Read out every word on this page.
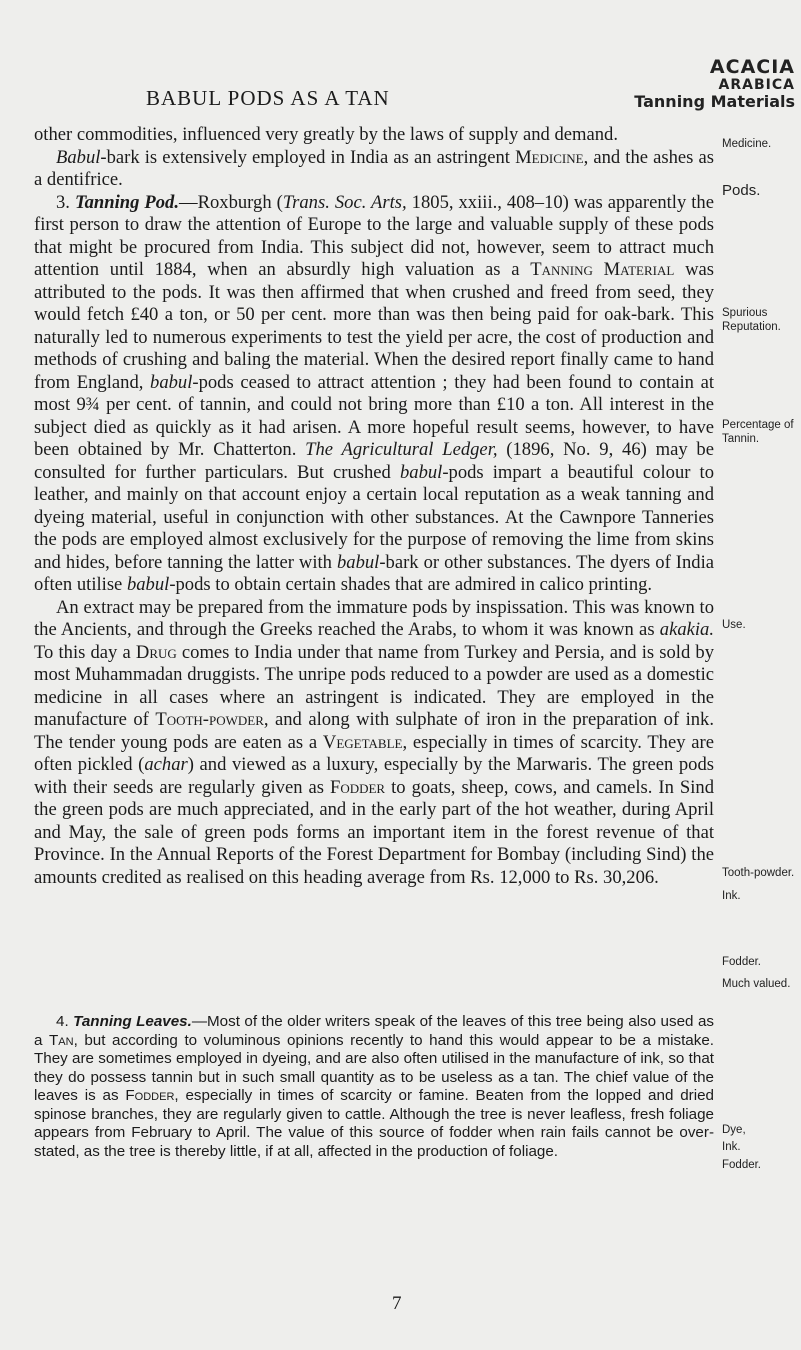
BABUL PODS AS A TAN
ACACIA
ARABICA
Tanning Materials

other commodities, influenced very greatly by the laws of supply and demand.

Babul-bark is extensively employed in India as an astringent Medicine, and the ashes as a dentifrice.

3. Tanning Pod.—Roxburgh (Trans. Soc. Arts, 1805, xxiii., 408–10) was apparently the first person to draw the attention of Europe to the large and valuable supply of these pods that might be procured from India. This subject did not, however, seem to attract much attention until 1884, when an absurdly high valuation as a Tanning Material was attributed to the pods. It was then affirmed that when crushed and freed from seed, they would fetch £40 a ton, or 50 per cent. more than was then being paid for oak-bark. This naturally led to numerous experiments to test the yield per acre, the cost of production and methods of crushing and baling the material. When the desired report finally came to hand from England, babul-pods ceased to attract attention ; they had been found to contain at most 9¾ per cent. of tannin, and could not bring more than £10 a ton. All interest in the subject died as quickly as it had arisen. A more hopeful result seems, however, to have been obtained by Mr. Chatterton. The Agricultural Ledger, (1896, No. 9, 46) may be consulted for further particulars. But crushed babul-pods impart a beautiful colour to leather, and mainly on that account enjoy a certain local reputation as a weak tanning and dyeing material, useful in conjunction with other substances. At the Cawnpore Tanneries the pods are employed almost exclusively for the purpose of removing the lime from skins and hides, before tanning the latter with babul-bark or other substances. The dyers of India often utilise babul-pods to obtain certain shades that are admired in calico printing.

An extract may be prepared from the immature pods by inspissation. This was known to the Ancients, and through the Greeks reached the Arabs, to whom it was known as akakia. To this day a Drug comes to India under that name from Turkey and Persia, and is sold by most Muhammadan druggists. The unripe pods reduced to a powder are used as a domestic medicine in all cases where an astringent is indicated. They are employed in the manufacture of Tooth-powder, and along with sulphate of iron in the preparation of ink. The tender young pods are eaten as a Vegetable, especially in times of scarcity. They are often pickled (achar) and viewed as a luxury, especially by the Marwaris. The green pods with their seeds are regularly given as Fodder to goats, sheep, cows, and camels. In Sind the green pods are much appreciated, and in the early part of the hot weather, during April and May, the sale of green pods forms an important item in the forest revenue of that Province. In the Annual Reports of the Forest Department for Bombay (including Sind) the amounts credited as realised on this heading average from Rs. 12,000 to Rs. 30,206.

4. Tanning Leaves.—Most of the older writers speak of the leaves of this tree being also used as a Tan, but according to voluminous opinions recently to hand this would appear to be a mistake. They are sometimes employed in dyeing, and are also often utilised in the manufacture of ink, so that they do possess tannin but in such small quantity as to be useless as a tan. The chief value of the leaves is as Fodder, especially in times of scarcity or famine. Beaten from the lopped and dried spinose branches, they are regularly given to cattle. Although the tree is never leafless, fresh foliage appears from February to April. The value of this source of fodder when rain fails cannot be over-stated, as the tree is thereby little, if at all, affected in the production of foliage.

Medicine.
Pods.
Spurious
Reputation.
Percentage of
Tannin.
Use.
Tooth-powder.
Ink.
Fodder.
Much valued.
Dye,
Ink.
Fodder.
7
